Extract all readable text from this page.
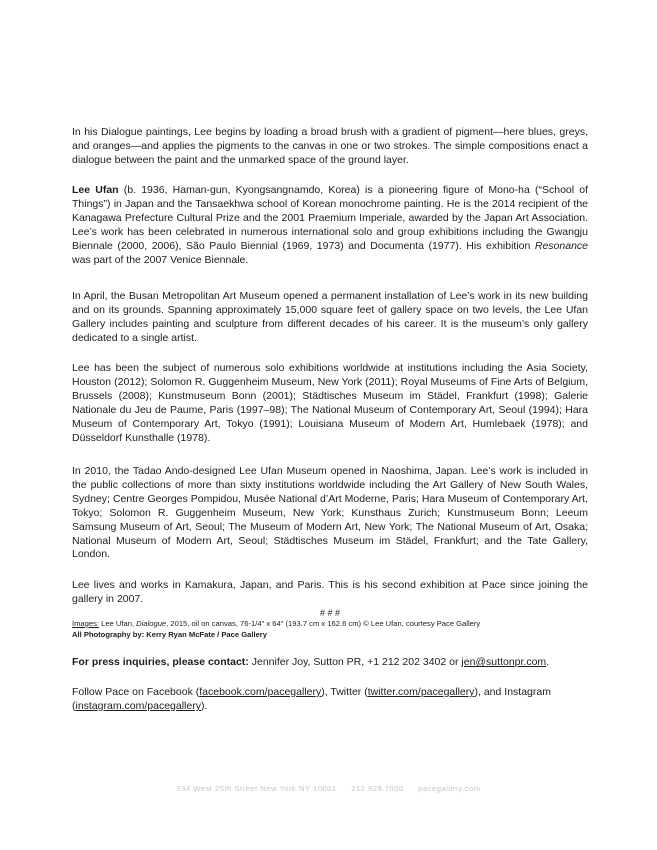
In his Dialogue paintings, Lee begins by loading a broad brush with a gradient of pigment—here blues, greys, and oranges—and applies the pigments to the canvas in one or two strokes. The simple compositions enact a dialogue between the paint and the unmarked space of the ground layer.

Lee Ufan (b. 1936, Haman-gun, Kyongsangnamdo, Korea) is a pioneering figure of Mono-ha (“School of Things”) in Japan and the Tansaekhwa school of Korean monochrome painting. He is the 2014 recipient of the Kanagawa Prefecture Cultural Prize and the 2001 Praemium Imperiale, awarded by the Japan Art Association. Lee’s work has been celebrated in numerous international solo and group exhibitions including the Gwangju Biennale (2000, 2006), São Paulo Biennial (1969, 1973) and Documenta (1977). His exhibition Resonance was part of the 2007 Venice Biennale.

In April, the Busan Metropolitan Art Museum opened a permanent installation of Lee’s work in its new building and on its grounds. Spanning approximately 15,000 square feet of gallery space on two levels, the Lee Ufan Gallery includes painting and sculpture from different decades of his career. It is the museum’s only gallery dedicated to a single artist.

Lee has been the subject of numerous solo exhibitions worldwide at institutions including the Asia Society, Houston (2012); Solomon R. Guggenheim Museum, New York (2011); Royal Museums of Fine Arts of Belgium, Brussels (2008); Kunstmuseum Bonn (2001); Städtisches Museum im Städel, Frankfurt (1998); Galerie Nationale du Jeu de Paume, Paris (1997–98); The National Museum of Contemporary Art, Seoul (1994); Hara Museum of Contemporary Art, Tokyo (1991); Louisiana Museum of Modern Art, Humlebaek (1978); and Düsseldorf Kunsthalle (1978).

In 2010, the Tadao Ando-designed Lee Ufan Museum opened in Naoshima, Japan. Lee’s work is included in the public collections of more than sixty institutions worldwide including the Art Gallery of New South Wales, Sydney; Centre Georges Pompidou, Musée National d’Art Moderne, Paris; Hara Museum of Contemporary Art, Tokyo; Solomon R. Guggenheim Museum, New York; Kunsthaus Zurich; Kunstmuseum Bonn; Leeum Samsung Museum of Art, Seoul; The Museum of Modern Art, New York; The National Museum of Art, Osaka; National Museum of Modern Art, Seoul; Städtisches Museum im Städel, Frankfurt; and the Tate Gallery, London.

Lee lives and works in Kamakura, Japan, and Paris. This is his second exhibition at Pace since joining the gallery in 2007.

# # #

Images: Lee Ufan, Dialogue, 2015, oil on canvas, 76-1/4" x 64" (193.7 cm x 162.6 cm) © Lee Ufan, courtesy Pace Gallery

All Photography by: Kerry Ryan McFate / Pace Gallery

For press inquiries, please contact: Jennifer Joy, Sutton PR, +1 212 202 3402 or jen@suttonpr.com.

Follow Pace on Facebook (facebook.com/pacegallery), Twitter (twitter.com/pacegallery), and Instagram (instagram.com/pacegallery).

534 West 25th Street New York NY 10001 212.929.7000 pacegallery.com
